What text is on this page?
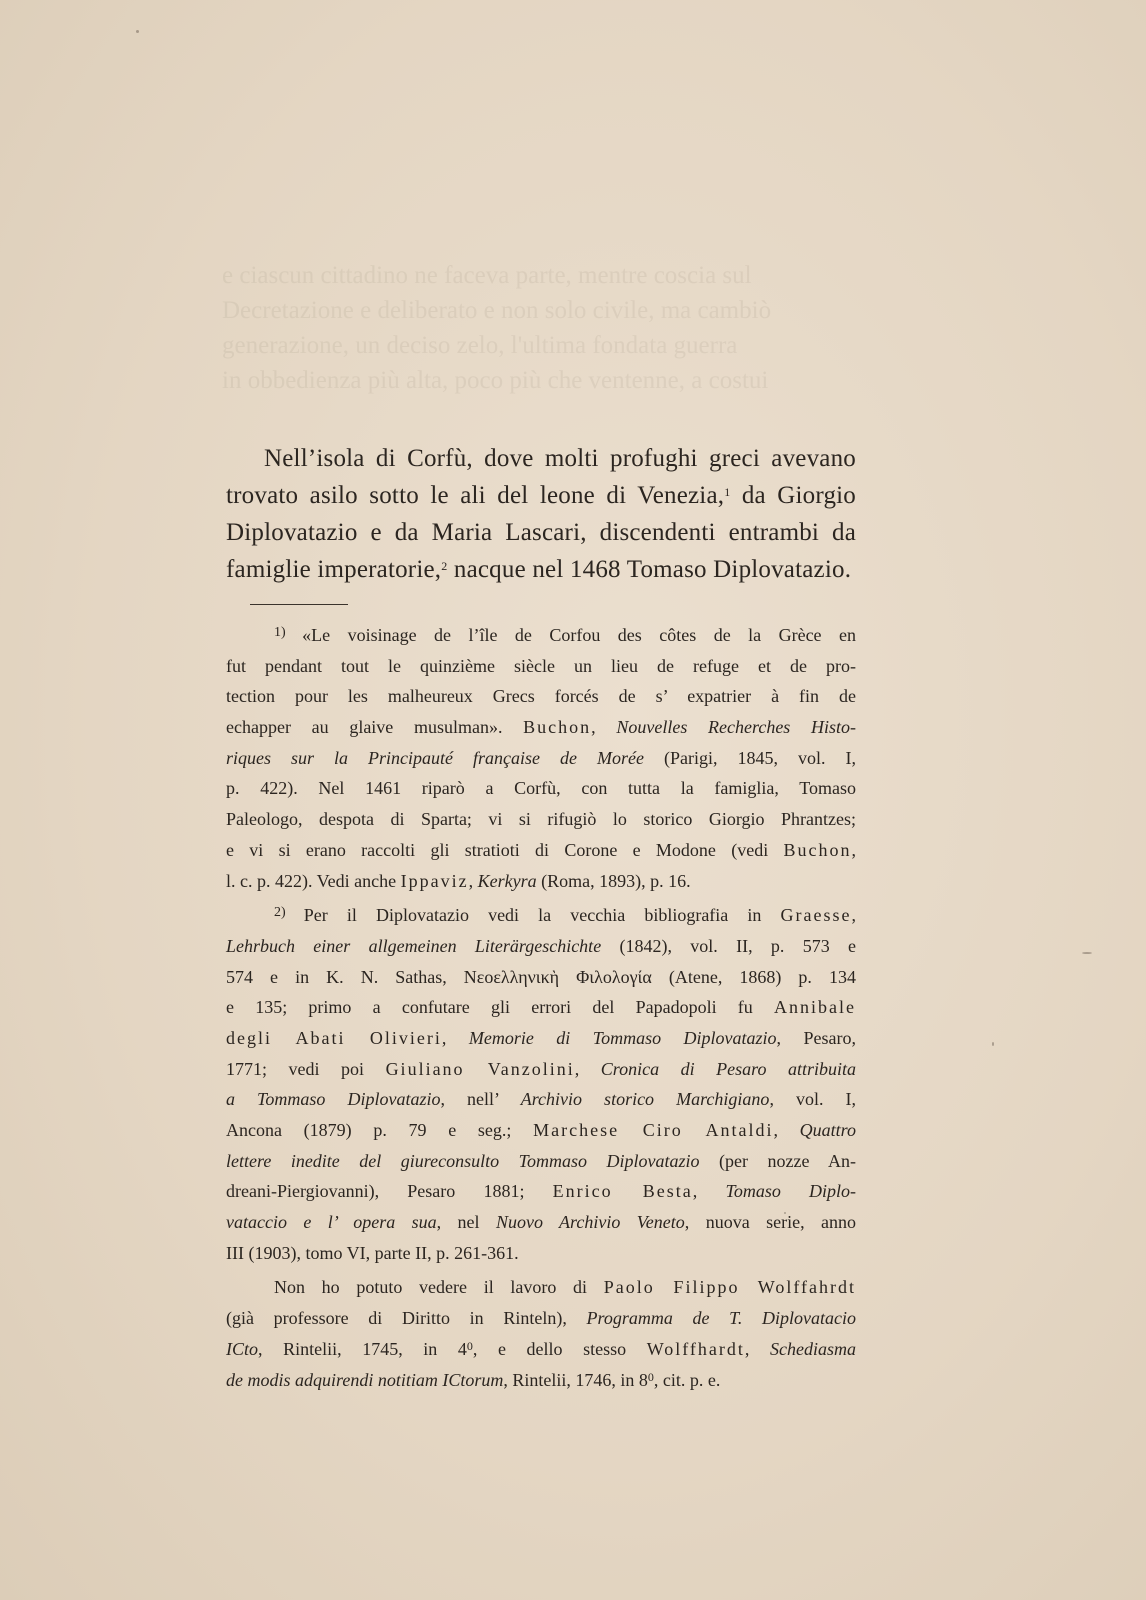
e ciascun cittadino ne faceva parte, mentre coscia sul
Decretazione e deliberato e non solo civile, ma cambiò
generazione, un deciso zelo, l'ultima fondata guerra
in obbedienza più alta, poco più che ventenne, a costui
Nell’isola di Corfù, dove molti profughi greci avevano
trovato asilo sotto le ali del leone di Venezia,$^1$ da Giorgio
Diplovatazio e da Maria Lascari, discendenti entrambi da
famiglie imperatorie,$^2$ nacque nel 1468 Tomaso Diplovatazio.
$^{1)}$ «Le voisinage de l’île de Corfou des côtes de la Grèce en
fut pendant tout le quinzième siècle un lieu de refuge et de pro-
tection pour les malheureux Grecs forcés de s’ expatrier à fin de
echapper au glaive musulman». Buchon, Nouvelles Recherches Histo-
riques sur la Principauté française de Morée (Parigi, 1845, vol. I,
p. 422). Nel 1461 riparò a Corfù, con tutta la famiglia, Tomaso
Paleologo, despota di Sparta; vi si rifugiò lo storico Giorgio Phrantzes;
e vi si erano raccolti gli stratioti di Corone e Modone (vedi Buchon,
l. c. p. 422). Vedi anche Ippaviz, Kerkyra (Roma, 1893), p. 16.
$^{2)}$ Per il Diplovatazio vedi la vecchia bibliografia in Graesse,
Lehrbuch einer allgemeinen Literärgeschichte (1842), vol. II, p. 573 e
574 e in K. N. Sathas, Νεοελληνικὴ Φιλολογία (Atene, 1868) p. 134
e 135; primo a confutare gli errori del Papadopoli fu Annibale
degli Abati Olivieri, Memorie di Tommaso Diplovatazio, Pesaro,
1771; vedi poi Giuliano Vanzolini, Cronica di Pesaro attribuita
a Tommaso Diplovatazio, nell’ Archivio storico Marchigiano, vol. I,
Ancona (1879) p. 79 e seg.; Marchese Ciro Antaldi, Quattro
lettere inedite del giureconsulto Tommaso Diplovatazio (per nozze An-
dreani-Piergiovanni), Pesaro 1881; Enrico Besta, Tomaso Diplo-
vataccio e l’ opera sua, nel Nuovo Archivio Veneto, nuova serie, anno
III (1903), tomo VI, parte II, p. 261-361.
Non ho potuto vedere il lavoro di Paolo Filippo Wolffahrdt
(già professore di Diritto in Rinteln), Programma de T. Diplovatacio
ICto, Rintelii, 1745, in $4^0$, e dello stesso Wolffhardt, Schediasma
de modis adquirendi notitiam ICtorum, Rintelii, 1746, in $8^0$, cit. p. e.
